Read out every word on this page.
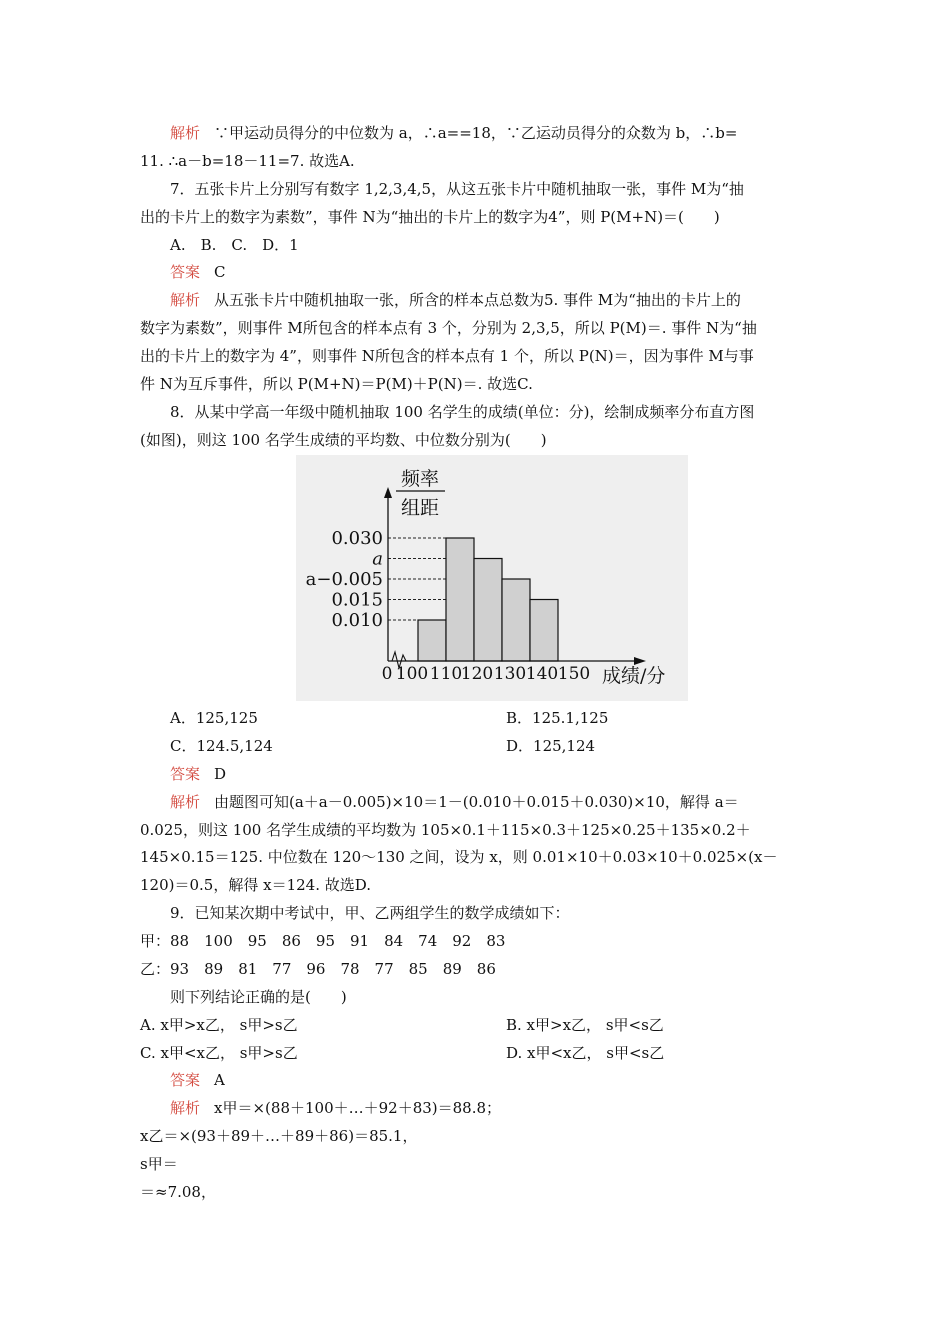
解析 ∵甲运动员得分的中位数为 a，∴a==18，∵乙运动员得分的众数为 b，∴b=
11. ∴a－b=18－11=7. 故选A.
7．五张卡片上分别写有数字 1,2,3,4,5，从这五张卡片中随机抽取一张，事件 M为“抽
出的卡片上的数字为素数”，事件 N为“抽出的卡片上的数字为4”，则 P(M+N)＝(　　)
A.　B.　C.　D．1
答案 C
解析 从五张卡片中随机抽取一张，所含的样本点总数为5. 事件 M为“抽出的卡片上的
数字为素数”，则事件 M所包含的样本点有 3 个，分别为 2,3,5，所以 P(M)＝. 事件 N为“抽
出的卡片上的数字为 4”，则事件 N所包含的样本点有 1 个，所以 P(N)＝，因为事件 M与事
件 N为互斥事件，所以 P(M+N)＝P(M)＋P(N)＝. 故选C.
8．从某中学高一年级中随机抽取 100 名学生的成绩(单位：分)，绘制成频率分布直方图
(如图)，则这 100 名学生成绩的平均数、中位数分别为(　　)
频率
组距
0.030
a
a−0.005
0.015
0.010
0 100 110
120 130 140 150 成绩/分
A．125,125	B．125.1,125
C．124.5,124	D．125,124
答案 D
解析 由题图可知(a＋a－0.005)×10＝1－(0.010＋0.015＋0.030)×10，解得 a＝
0.025，则这 100 名学生成绩的平均数为 105×0.1＋115×0.3＋125×0.25＋135×0.2＋
145×0.15＝125. 中位数在 120～130 之间，设为 x，则 0.01×10＋0.03×10＋0.025×(x－
120)＝0.5，解得 x＝124. 故选D.
9．已知某次期中考试中，甲、乙两组学生的数学成绩如下：
甲：88　100　95　86　95　91　84　74　92　83
乙：93　89　81　77　96　78　77　85　89　86
则下列结论正确的是(　　)
A. x甲>x乙， s甲>s乙	B. x甲>x乙， s甲<s乙
C. x甲<x乙， s甲>s乙	D. x甲<x乙， s甲<s乙
答案 A
解析 x甲＝×(88＋100＋…＋92＋83)＝88.8；
x乙＝×(93＋89＋…＋89＋86)＝85.1，
s甲＝
＝≈7.08，
